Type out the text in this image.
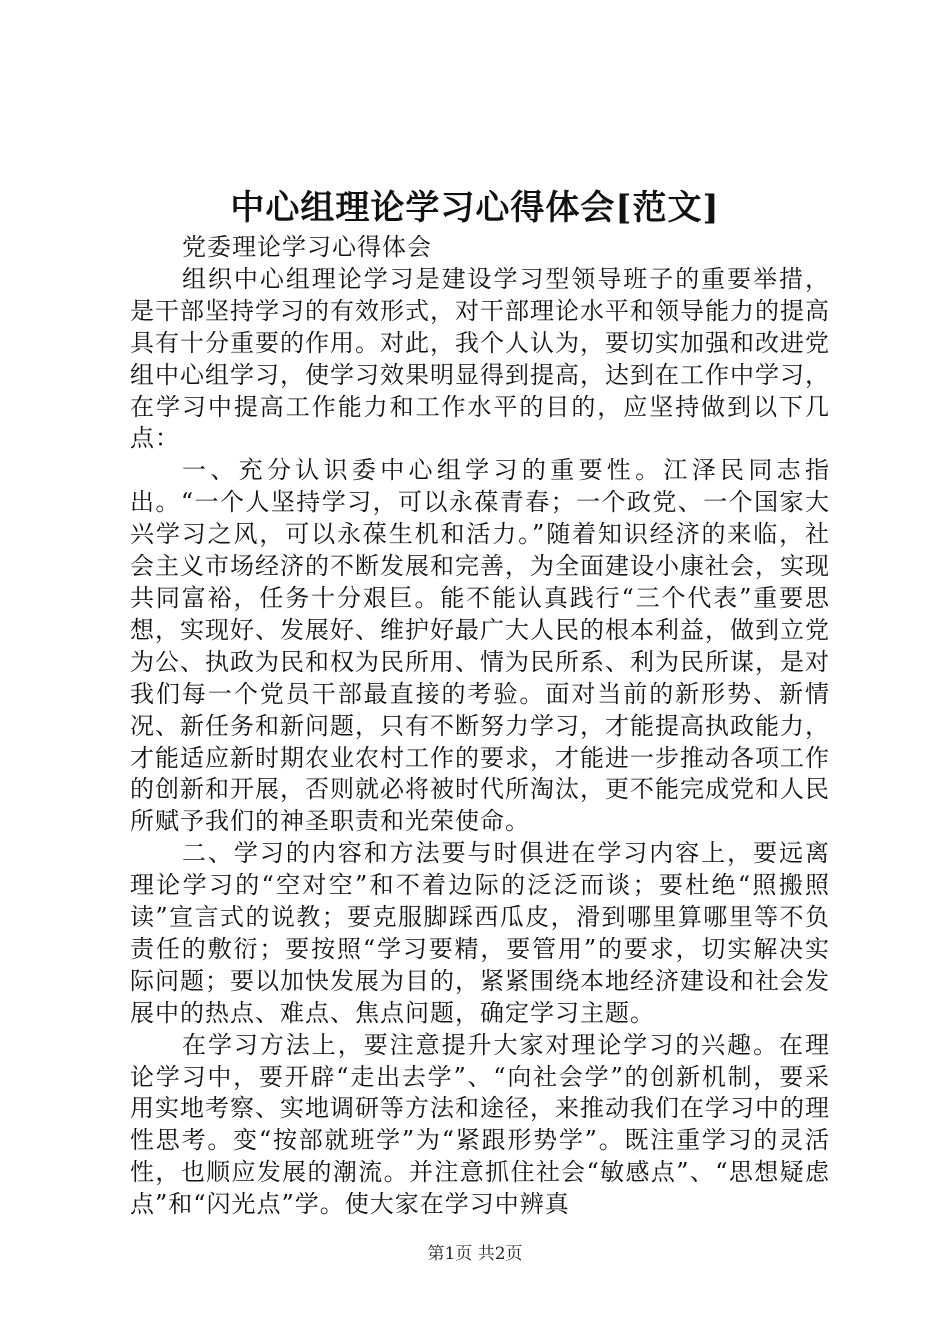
中心组理论学习心得体会[范文]

党委理论学习心得体会

组织中心组理论学习是建设学习型领导班子的重要举措，是干部坚持学习的有效形式，对干部理论水平和领导能力的提高具有十分重要的作用。对此，我个人认为，要切实加强和改进党组中心组学习，使学习效果明显得到提高，达到在工作中学习，在学习中提高工作能力和工作水平的目的，应坚持做到以下几点：

一、充分认识委中心组学习的重要性。江泽民同志指出。“一个人坚持学习，可以永葆青春；一个政党、一个国家大兴学习之风，可以永葆生机和活力。”随着知识经济的来临，社会主义市场经济的不断发展和完善，为全面建设小康社会，实现共同富裕，任务十分艰巨。能不能认真践行“三个代表”重要思想，实现好、发展好、维护好最广大人民的根本利益，做到立党为公、执政为民和权为民所用、情为民所系、利为民所谋，是对我们每一个党员干部最直接的考验。面对当前的新形势、新情况、新任务和新问题，只有不断努力学习，才能提高执政能力，才能适应新时期农业农村工作的要求，才能进一步推动各项工作的创新和开展，否则就必将被时代所淘汰，更不能完成党和人民所赋予我们的神圣职责和光荣使命。

二、学习的内容和方法要与时俱进在学习内容上，要远离理论学习的“空对空”和不着边际的泛泛而谈；要杜绝“照搬照读”宣言式的说教；要克服脚踩西瓜皮，滑到哪里算哪里等不负责任的敷衍；要按照“学习要精，要管用”的要求，切实解决实际问题；要以加快发展为目的，紧紧围绕本地经济建设和社会发展中的热点、难点、焦点问题，确定学习主题。

在学习方法上，要注意提升大家对理论学习的兴趣。在理论学习中，要开辟“走出去学”、“向社会学”的创新机制，要采用实地考察、实地调研等方法和途径，来推动我们在学习中的理性思考。变“按部就班学”为“紧跟形势学”。既注重学习的灵活性，也顺应发展的潮流。并注意抓住社会“敏感点”、“思想疑虑点”和“闪光点”学。使大家在学习中辨真

第1页 共2页
